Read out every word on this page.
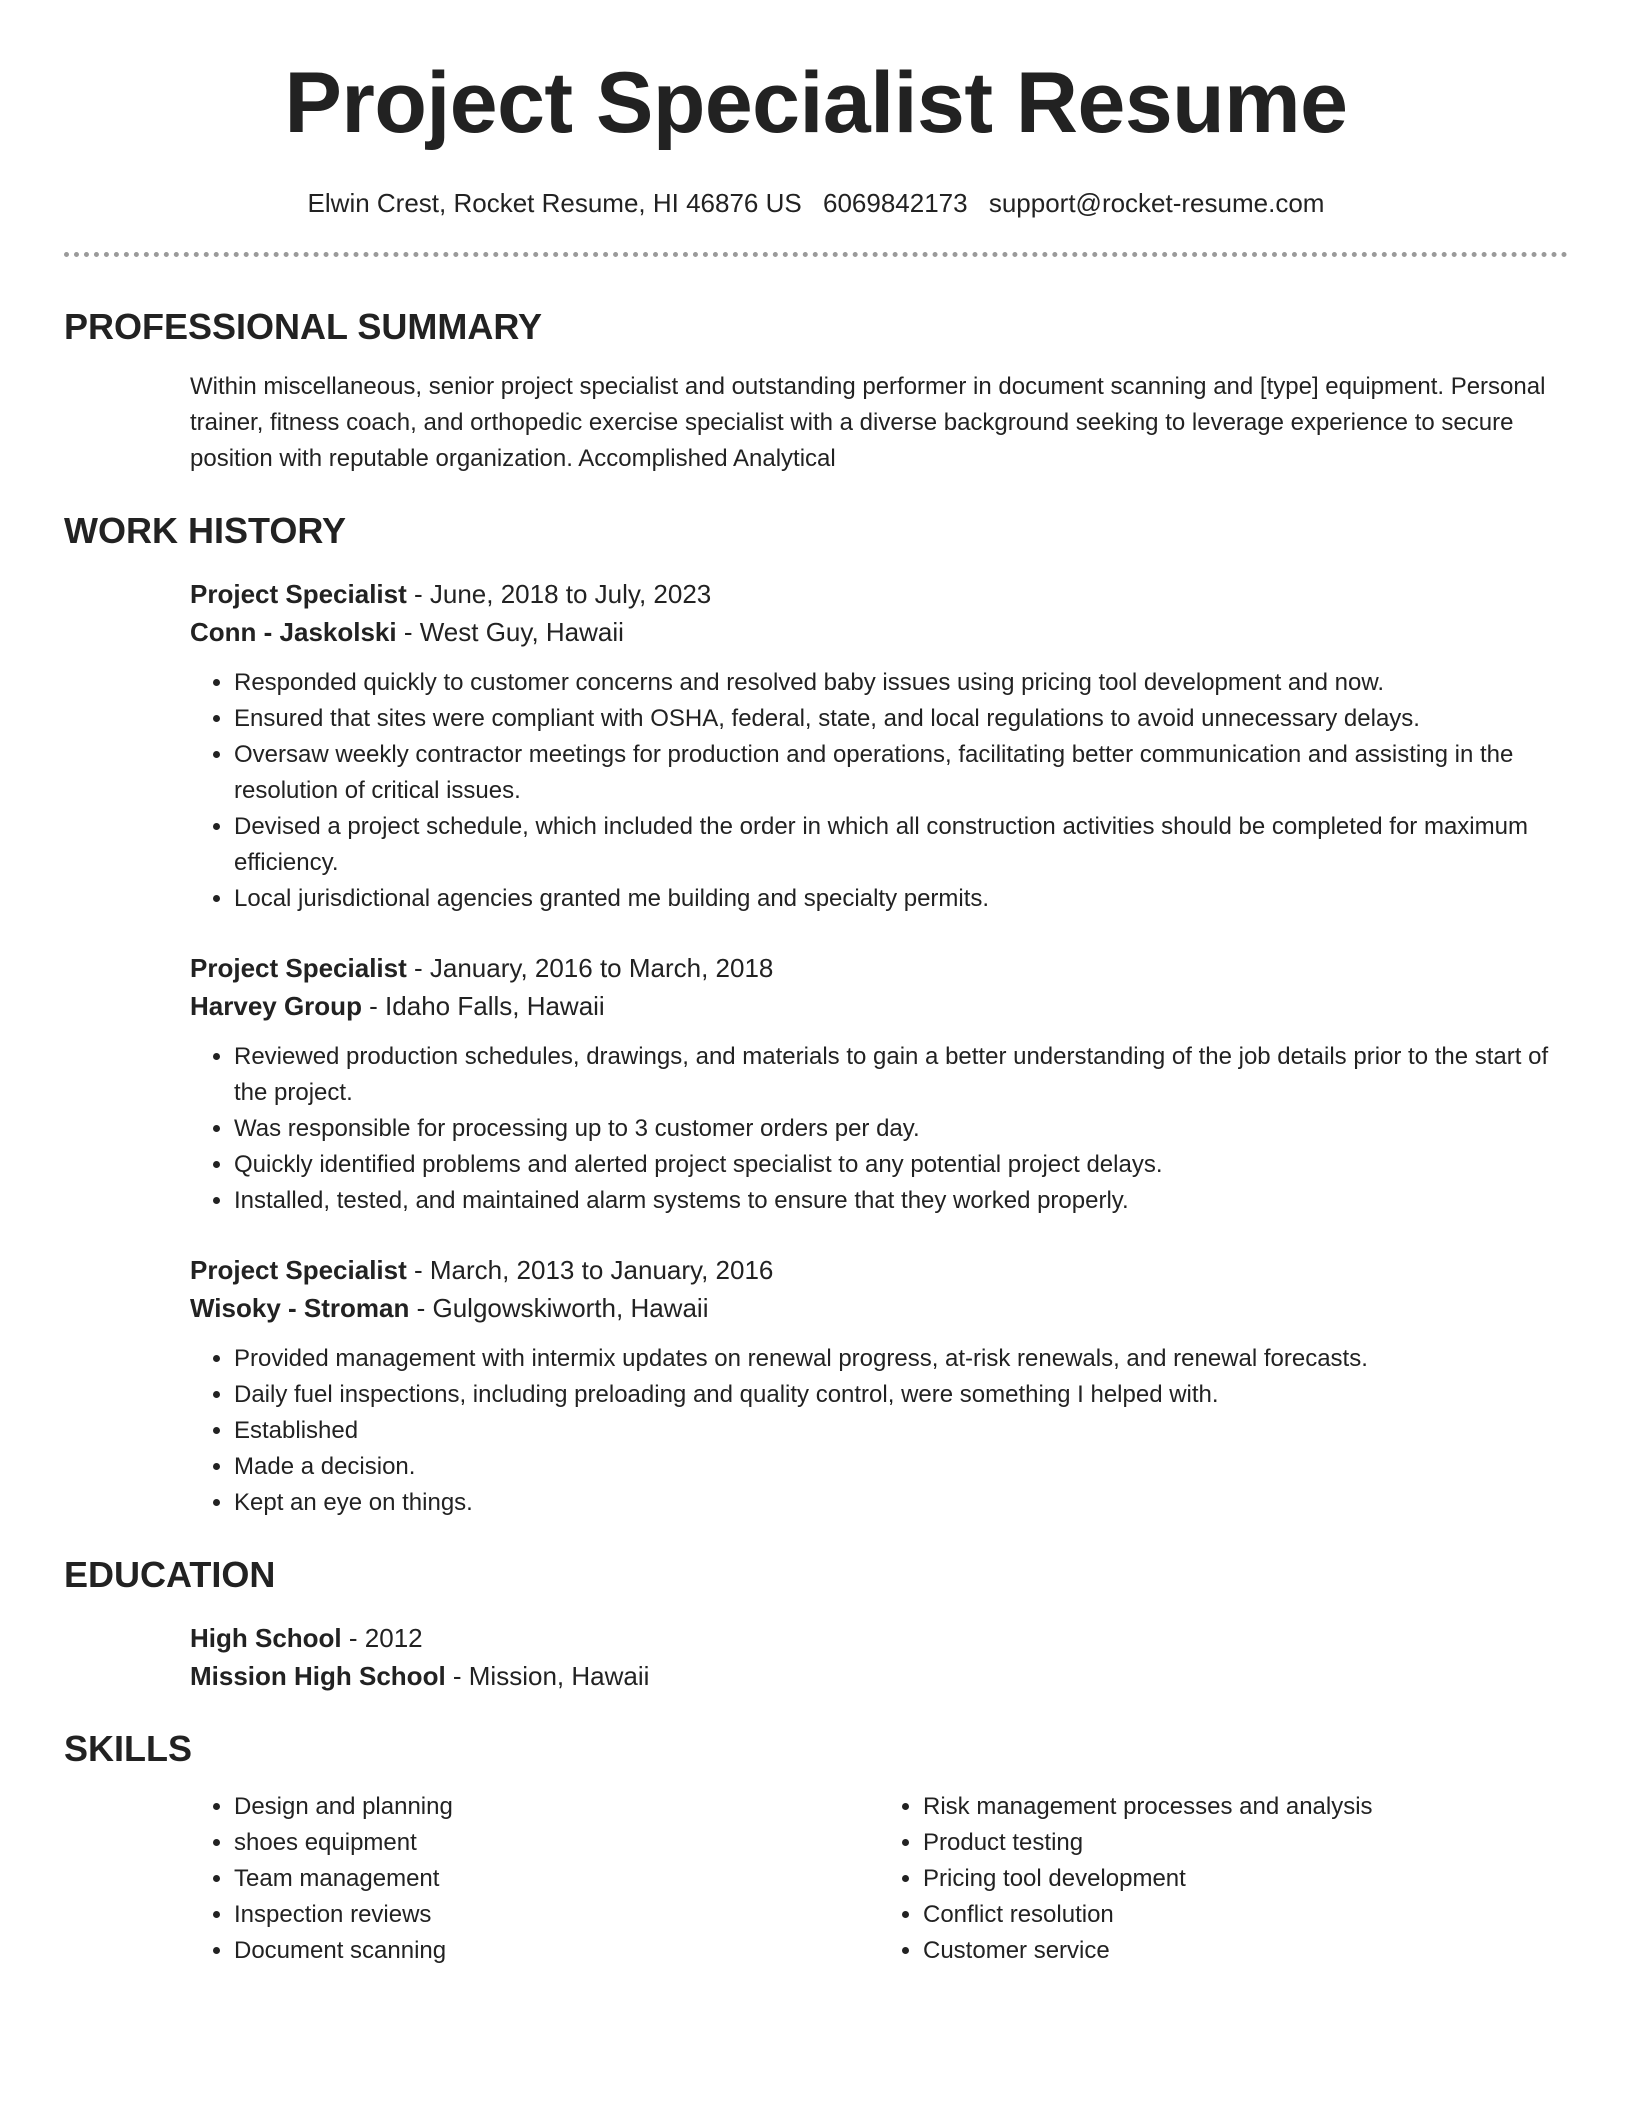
Project Specialist Resume
Elwin Crest, Rocket Resume, HI 46876 US 6069842173 support@rocket-resume.com
PROFESSIONAL SUMMARY
Within miscellaneous, senior project specialist and outstanding performer in document scanning and [type] equipment. Personal trainer, fitness coach, and orthopedic exercise specialist with a diverse background seeking to leverage experience to secure position with reputable organization. Accomplished Analytical
WORK HISTORY
Project Specialist - June, 2018 to July, 2023
Conn - Jaskolski - West Guy, Hawaii
• Responded quickly to customer concerns and resolved baby issues using pricing tool development and now.
• Ensured that sites were compliant with OSHA, federal, state, and local regulations to avoid unnecessary delays.
• Oversaw weekly contractor meetings for production and operations, facilitating better communication and assisting in the resolution of critical issues.
• Devised a project schedule, which included the order in which all construction activities should be completed for maximum efficiency.
• Local jurisdictional agencies granted me building and specialty permits.
Project Specialist - January, 2016 to March, 2018
Harvey Group - Idaho Falls, Hawaii
• Reviewed production schedules, drawings, and materials to gain a better understanding of the job details prior to the start of the project.
• Was responsible for processing up to 3 customer orders per day.
• Quickly identified problems and alerted project specialist to any potential project delays.
• Installed, tested, and maintained alarm systems to ensure that they worked properly.
Project Specialist - March, 2013 to January, 2016
Wisoky - Stroman - Gulgowskiworth, Hawaii
• Provided management with intermix updates on renewal progress, at-risk renewals, and renewal forecasts.
• Daily fuel inspections, including preloading and quality control, were something I helped with.
• Established
• Made a decision.
• Kept an eye on things.
EDUCATION
High School - 2012
Mission High School - Mission, Hawaii
SKILLS
• Design and planning
• shoes equipment
• Team management
• Inspection reviews
• Document scanning
• Risk management processes and analysis
• Product testing
• Pricing tool development
• Conflict resolution
• Customer service
